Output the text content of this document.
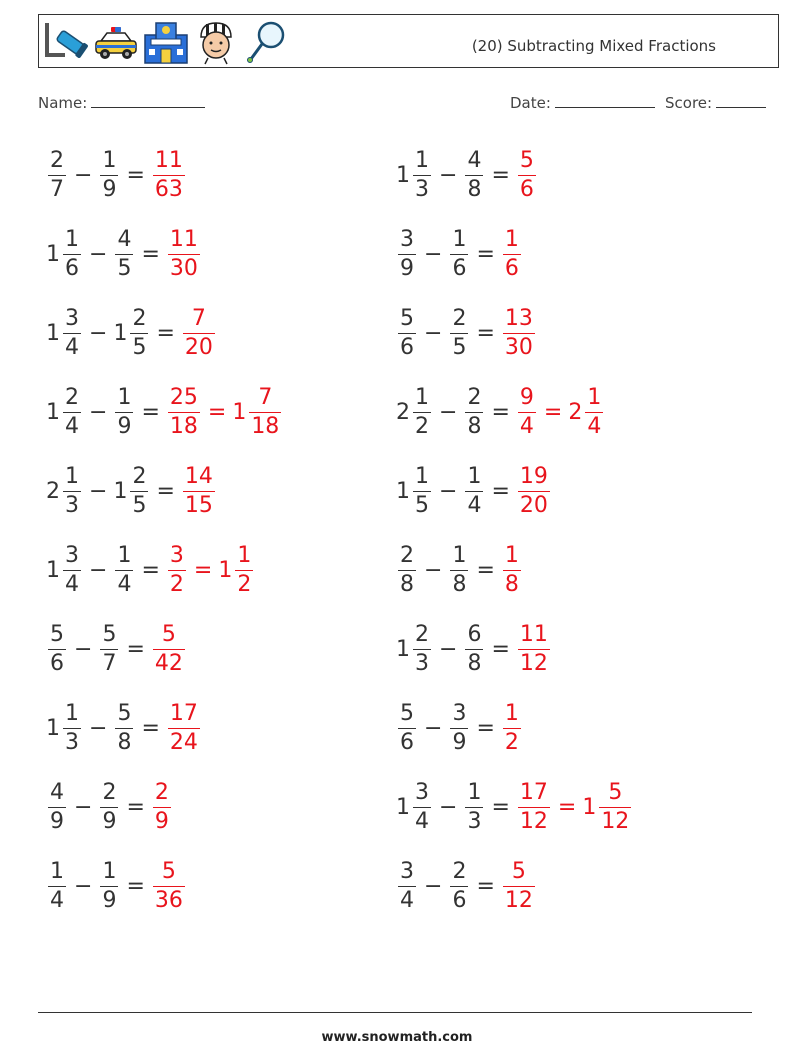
(20) Subtracting Mixed Fractions
Name:	Date:	Score:
$\frac{2}{7} - \frac{1}{9} = \frac{11}{63}$	$1 \frac{1}{3} - \frac{4}{8} = \frac{5}{6}$
$1 \frac{1}{6} - \frac{4}{5} = \frac{11}{30}$	$\frac{3}{9} - \frac{1}{6} = \frac{1}{6}$
$1 \frac{3}{4} - 1 \frac{2}{5} = \frac{7}{20}$	$\frac{5}{6} - \frac{2}{5} = \frac{13}{30}$
$1 \frac{2}{4} - \frac{1}{9} = \frac{25}{18} = 1 \frac{7}{18}$	$2 \frac{1}{2} - \frac{2}{8} = \frac{9}{4} = 2 \frac{1}{4}$
$2 \frac{1}{3} - 1 \frac{2}{5} = \frac{14}{15}$	$1 \frac{1}{5} - \frac{1}{4} = \frac{19}{20}$
$1 \frac{3}{4} - \frac{1}{4} = \frac{3}{2} = 1 \frac{1}{2}$	$\frac{2}{8} - \frac{1}{8} = \frac{1}{8}$
$\frac{5}{6} - \frac{5}{7} = \frac{5}{42}$	$1 \frac{2}{3} - \frac{6}{8} = \frac{11}{12}$
$1 \frac{1}{3} - \frac{5}{8} = \frac{17}{24}$	$\frac{5}{6} - \frac{3}{9} = \frac{1}{2}$
$\frac{4}{9} - \frac{2}{9} = \frac{2}{9}$	$1 \frac{3}{4} - \frac{1}{3} = \frac{17}{12} = 1 \frac{5}{12}$
$\frac{1}{4} - \frac{1}{9} = \frac{5}{36}$	$\frac{3}{4} - \frac{2}{6} = \frac{5}{12}$
www.snowmath.com
